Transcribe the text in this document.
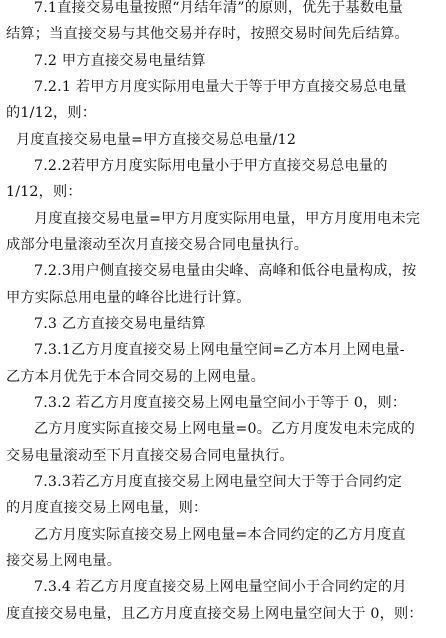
7.1直接交易电量按照“月结年清”的原则，优先于基数电量
结算；当直接交易与其他交易并存时，按照交易时间先后结算。
7.2 甲方直接交易电量结算
7.2.1 若甲方月度实际用电量大于等于甲方直接交易总电量
的1/12，则：
月度直接交易电量=甲方直接交易总电量/12
7.2.2若甲方月度实际用电量小于甲方直接交易总电量的
1/12，则：
月度直接交易电量=甲方月度实际用电量，甲方月度用电未完
成部分电量滚动至次月直接交易合同电量执行。
7.2.3用户侧直接交易电量由尖峰、高峰和低谷电量构成，按
甲方实际总用电量的峰谷比进行计算。
7.3 乙方直接交易电量结算
7.3.1乙方月度直接交易上网电量空间=乙方本月上网电量-
乙方本月优先于本合同交易的上网电量。
7.3.2 若乙方月度直接交易上网电量空间小于等于 0，则：
乙方月度实际直接交易上网电量=0。乙方月度发电未完成的
交易电量滚动至下月直接交易合同电量执行。
7.3.3若乙方月度直接交易上网电量空间大于等于合同约定
的月度直接交易上网电量，则：
乙方月度实际直接交易上网电量=本合同约定的乙方月度直
接交易上网电量。
7.3.4 若乙方月度直接交易上网电量空间小于合同约定的月
度直接交易电量，且乙方月度直接交易上网电量空间大于 0，则：
